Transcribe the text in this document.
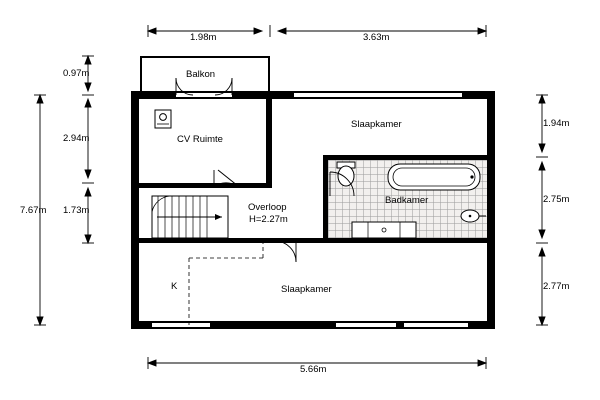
Balkon
CV Ruimte
Slaapkamer
Badkamer
Overloop
H=2.27m
Slaapkamer
K
1.98m	3.63m
5.66m
0.97m
2.94m
1.73m
7.67m
1.94m
2.75m
2.77m
